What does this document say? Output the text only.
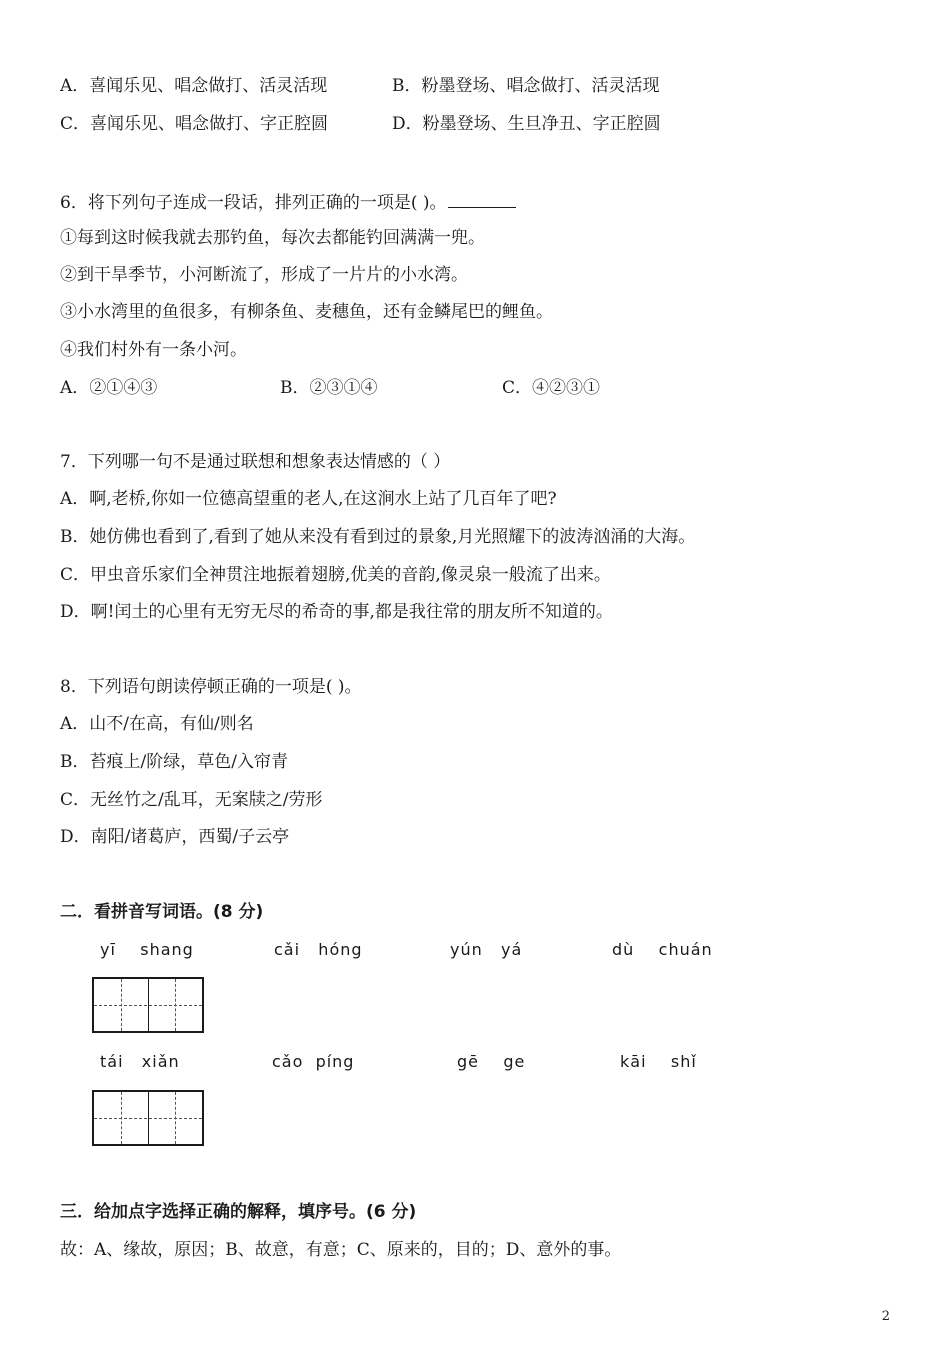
A．喜闻乐见、唱念做打、活灵活现	B．粉墨登场、唱念做打、活灵活现
C．喜闻乐见、唱念做打、字正腔圆	D．粉墨登场、生旦净丑、字正腔圆
6．将下列句子连成一段话，排列正确的一项是( )。
①每到这时候我就去那钓鱼，每次去都能钓回满满一兜。
②到干旱季节，小河断流了，形成了一片片的小水湾。
③小水湾里的鱼很多，有柳条鱼、麦穗鱼，还有金鳞尾巴的鲤鱼。
④我们村外有一条小河。
A．②①④③	B．②③①④	C．④②③①
7．下列哪一句不是通过联想和想象表达情感的（ ）
A．啊,老桥,你如一位德高望重的老人,在这涧水上站了几百年了吧?
B．她仿佛也看到了,看到了她从来没有看到过的景象,月光照耀下的波涛汹涌的大海。
C．甲虫音乐家们全神贯注地振着翅膀,优美的音韵,像灵泉一般流了出来。
D．啊!闰土的心里有无穷无尽的希奇的事,都是我往常的朋友所不知道的。
8．下列语句朗读停顿正确的一项是( )。
A．山不/在高，有仙/则名
B．苔痕上/阶绿，草色/入帘青
C．无丝竹之/乱耳，无案牍之/劳形
D．南阳/诸葛庐，西蜀/子云亭
二．看拼音写词语。(8 分)
yī    shang	cǎi   hóng	yún   yá	dù    chuán
tái   xiǎn	cǎo  píng	gē    ge	kāi    shǐ
三．给加点字选择正确的解释，填序号。(6 分)
故：A、缘故，原因；B、故意，有意；C、原来的，目的；D、意外的事。
2
